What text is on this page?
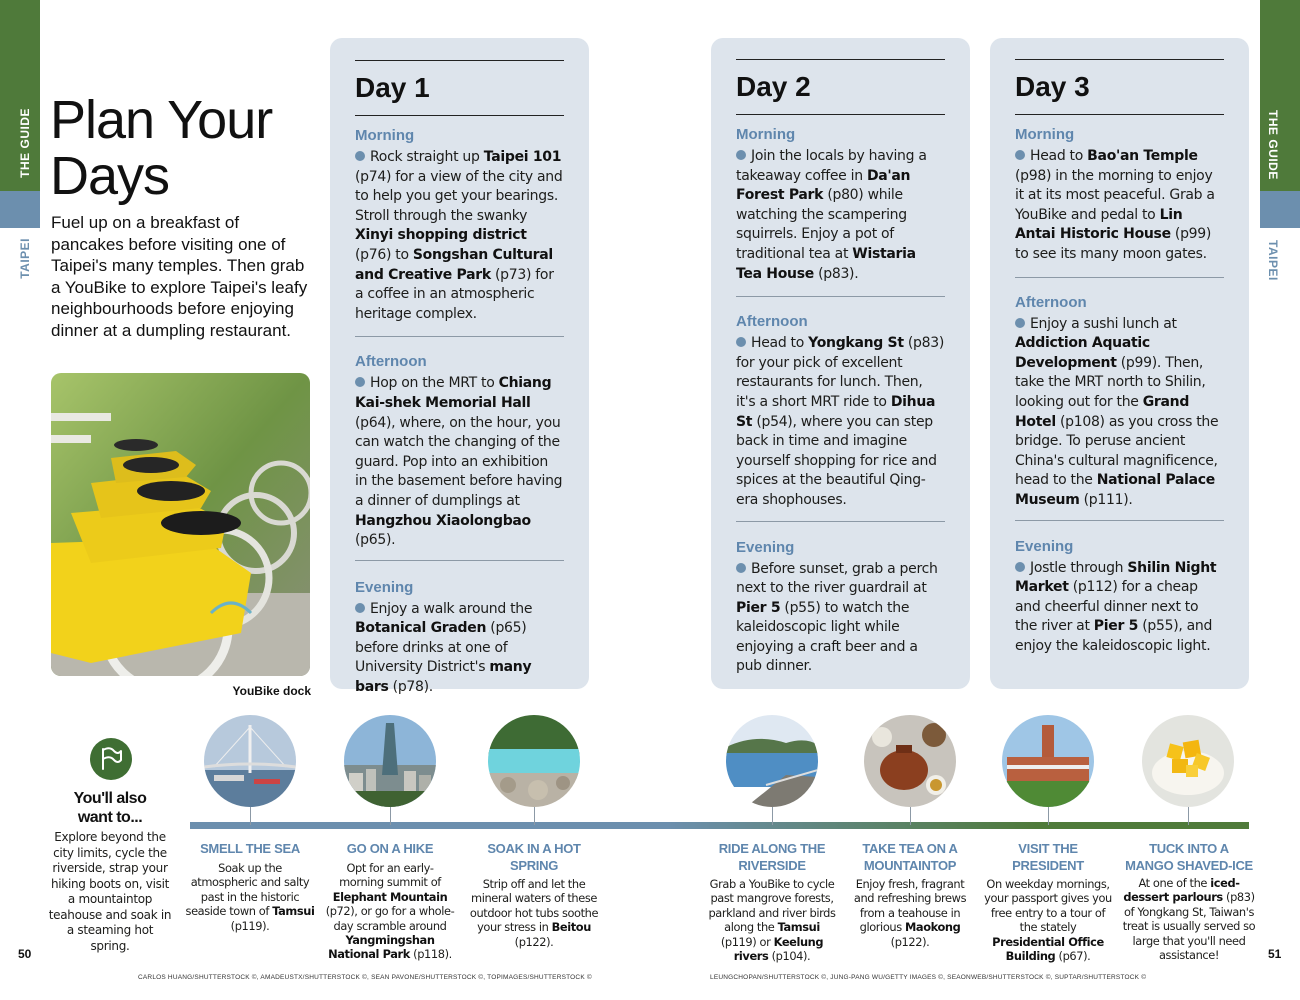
THE GUIDE
TAIPEI
THE GUIDE
TAIPEI
Plan Your
Days

Fuel up on a breakfast of pancakes before visiting one of Taipei's many temples. Then grab a YouBike to explore Taipei's leafy neighbourhoods before enjoying dinner at a dumpling restaurant.

YouBike dock
Day 1
Morning

Rock straight up Taipei 101 (p74) for a view of the city and to help you get your bearings. Stroll through the swanky Xinyi shopping district (p76) to Songshan Cultural and Creative Park (p73) for a coffee in an atmospheric heritage complex.

Afternoon

Hop on the MRT to Chiang Kai-shek Memorial Hall (p64), where, on the hour, you can watch the changing of the guard. Pop into an exhibition in the basement before having a dinner of dumplings at Hangzhou Xiaolongbao (p65).

Evening

Enjoy a walk around the Botanical Graden (p65) before drinks at one of University District's many bars (p78).

Day 2
Morning

Join the locals by having a takeaway coffee in Da'an Forest Park (p80) while watching the scampering squirrels. Enjoy a pot of traditional tea at Wistaria Tea House (p83).

Afternoon

Head to Yongkang St (p83) for your pick of excellent restaurants for lunch. Then, it's a short MRT ride to Dihua St (p54), where you can step back in time and imagine yourself shopping for rice and spices at the beautiful Qing-era shophouses.

Evening

Before sunset, grab a perch next to the river guardrail at Pier 5 (p55) to watch the kaleidoscopic light while enjoying a craft beer and a pub dinner.

Day 3
Morning

Head to Bao'an Temple (p98) in the morning to enjoy it at its most peaceful. Grab a YouBike and pedal to Lin Antai Historic House (p99) to see its many moon gates.

Afternoon

Enjoy a sushi lunch at Addiction Aquatic Development (p99). Then, take the MRT north to Shilin, looking out for the Grand Hotel (p108) as you cross the bridge. To peruse ancient China's cultural magnificence, head to the National Palace Museum (p111).

Evening

Jostle through Shilin Night Market (p112) for a cheap and cheerful dinner next to the river at Pier 5 (p55), and enjoy the kaleidoscopic light.

You'll also want to...

Explore beyond the city limits, cycle the riverside, strap your hiking boots on, visit a mountaintop teahouse and soak in a steaming hot spring.

SMELL THE SEA

Soak up the atmospheric and salty past in the historic seaside town of Tamsui (p119).

GO ON A HIKE

Opt for an early-morning summit of Elephant Mountain (p72), or go for a whole-day scramble around Yangmingshan National Park (p118).

SOAK IN A HOT SPRING

Strip off and let the mineral waters of these outdoor hot tubs soothe your stress in Beitou (p122).

RIDE ALONG THE RIVERSIDE

Grab a YouBike to cycle past mangrove forests, parkland and river birds along the Tamsui (p119) or Keelung rivers (p104).

TAKE TEA ON A MOUNTAINTOP

Enjoy fresh, fragrant and refreshing brews from a teahouse in glorious Maokong (p122).

VISIT THE PRESIDENT

On weekday mornings, your passport gives you free entry to a tour of the stately Presidential Office Building (p67).

TUCK INTO A MANGO SHAVED-ICE

At one of the iced-dessert parlours (p83) of Yongkang St, Taiwan's treat is usually served so large that you'll need assistance!

50	51
CARLOS HUANG/SHUTTERSTOCK ©, AMADEUSTX/SHUTTERSTOCK ©, SEAN PAVONE/SHUTTERSTOCK ©, TOPIMAGES/SHUTTERSTOCK ©	LEUNGCHOPAN/SHUTTERSTOCK ©, JUNG-PANG WU/GETTY IMAGES ©, SEAONWEB/SHUTTERSTOCK ©, SUPTAR/SHUTTERSTOCK ©
